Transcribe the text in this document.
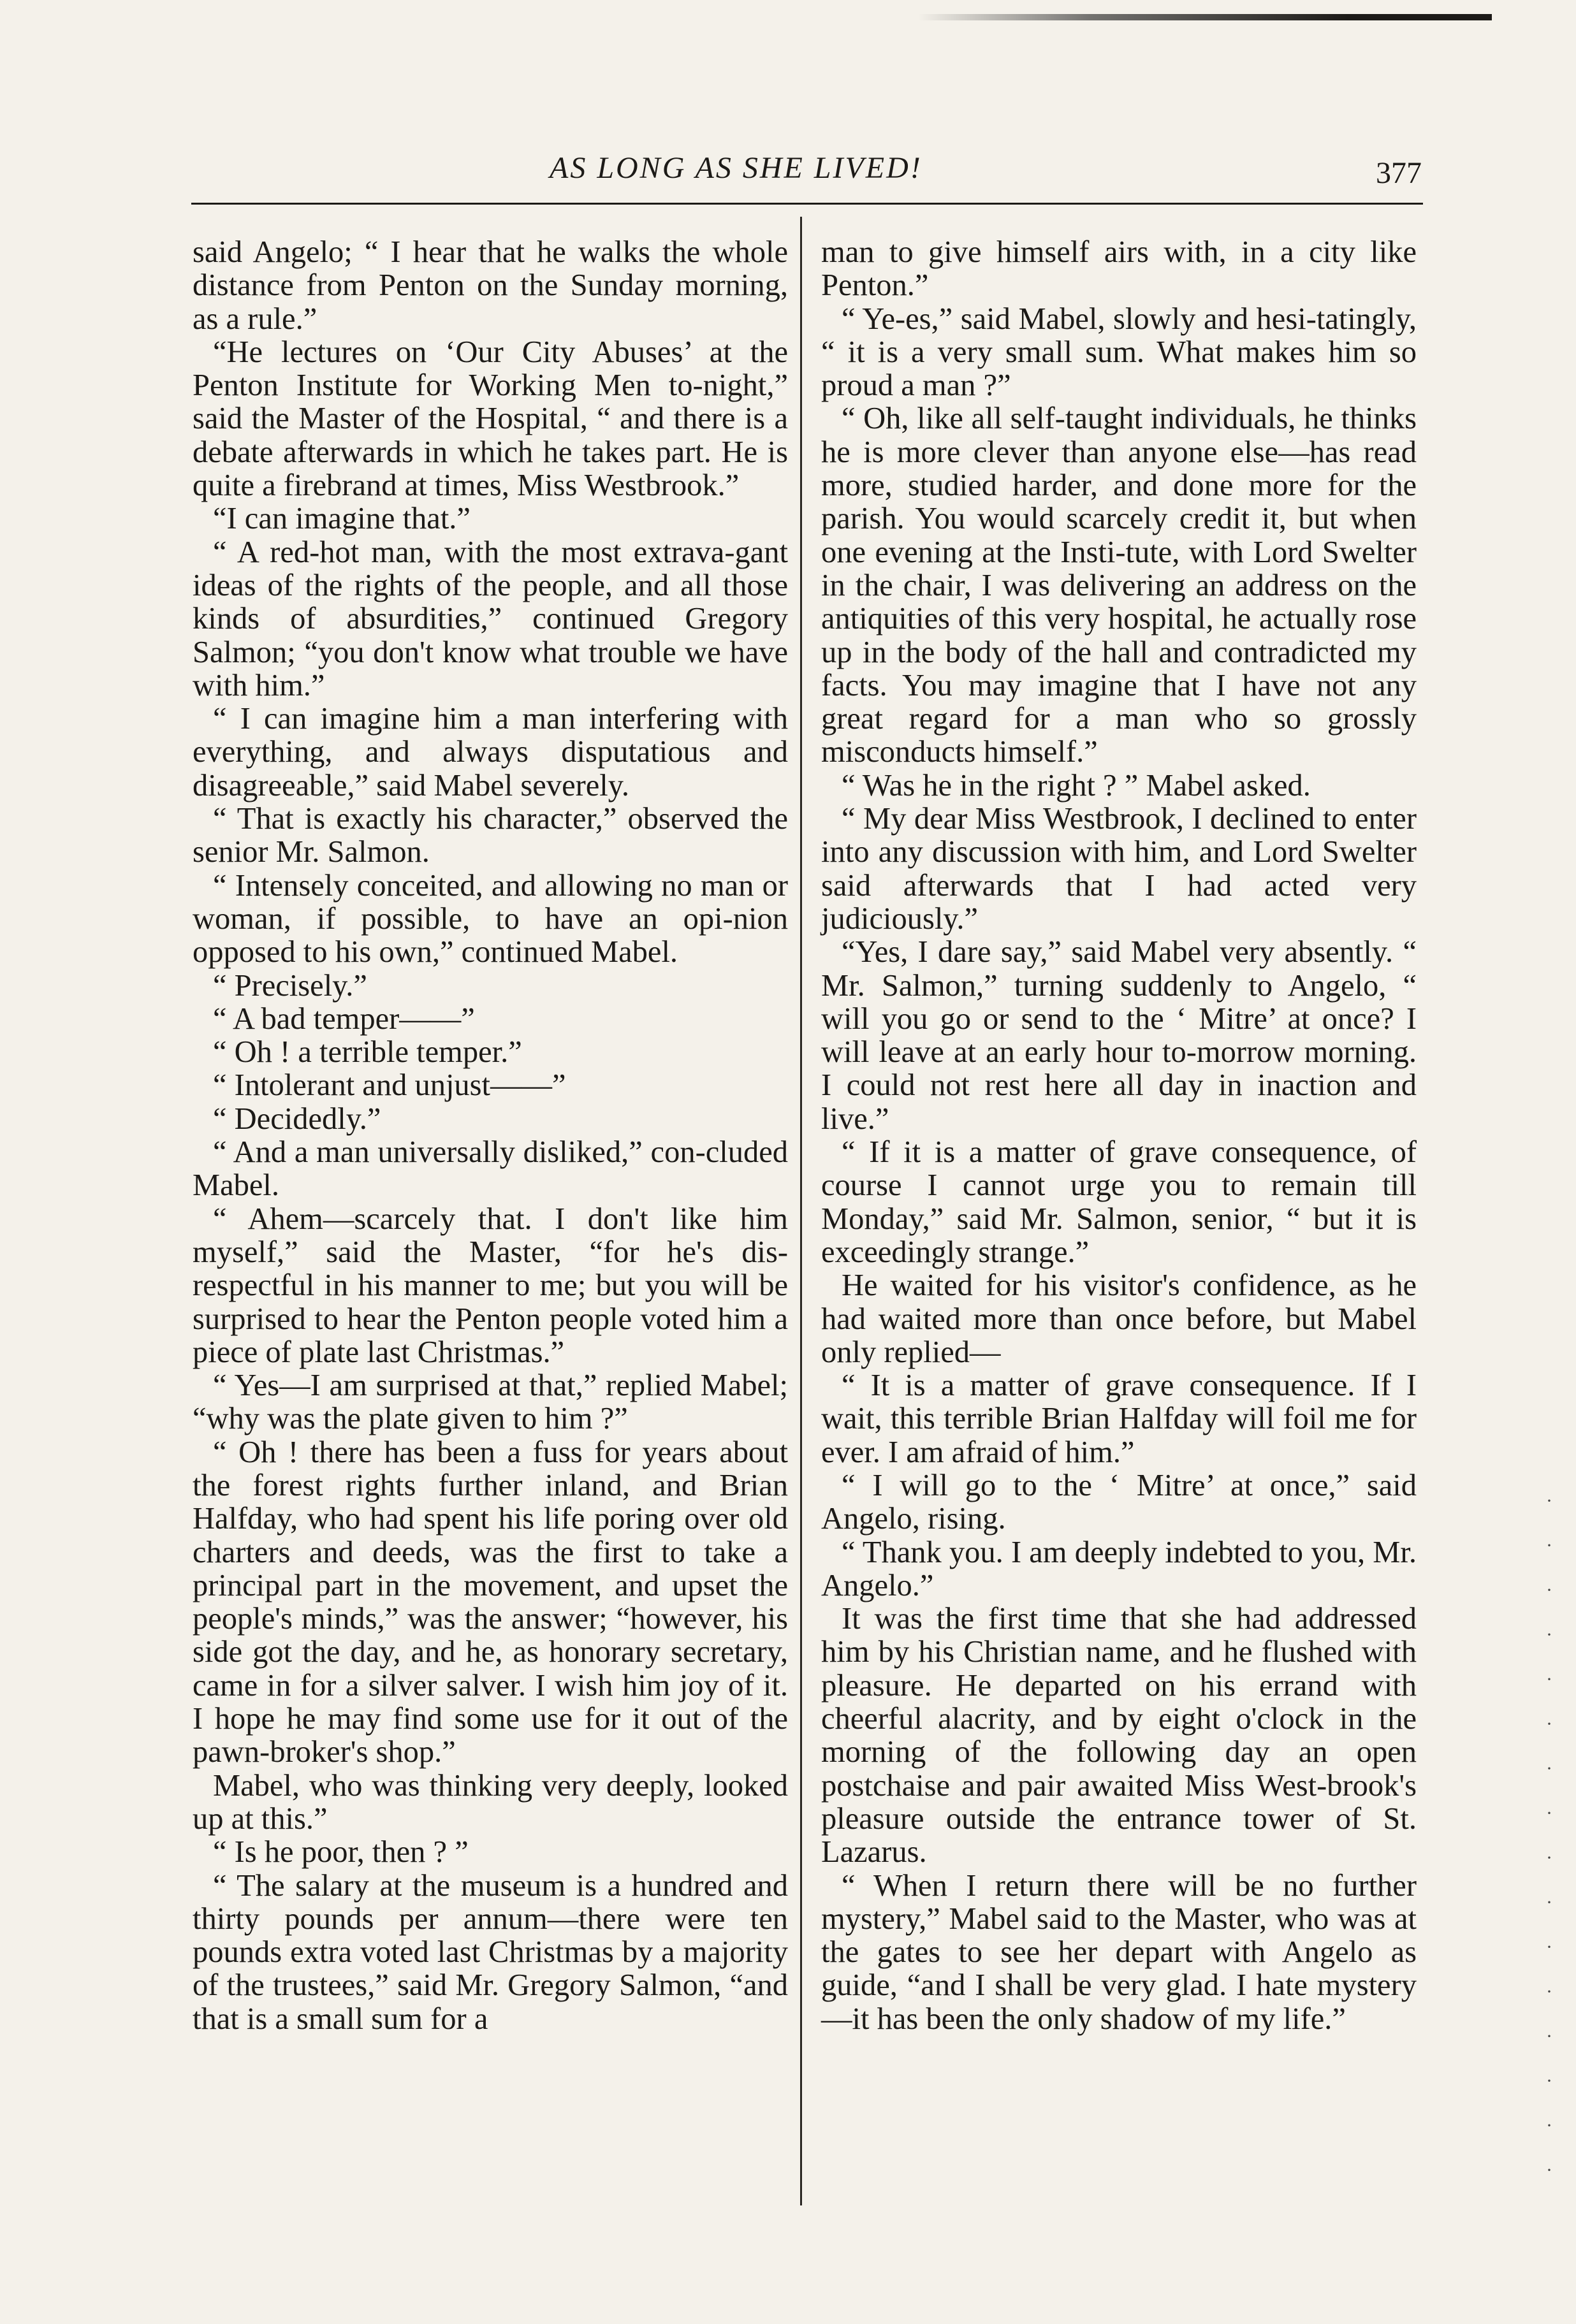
AS LONG AS SHE LIVED!	377

said Angelo; “ I hear that he walks the whole distance from Penton on the Sunday morning, as a rule.”

“He lectures on ‘Our City Abuses’ at the Penton Institute for Working Men to-night,” said the Master of the Hospital, “ and there is a debate afterwards in which he takes part. He is quite a firebrand at times, Miss Westbrook.”

“I can imagine that.”

“ A red-hot man, with the most extrava-gant ideas of the rights of the people, and all those kinds of absurdities,” continued Gregory Salmon; “you don't know what trouble we have with him.”

“ I can imagine him a man interfering with everything, and always disputatious and disagreeable,” said Mabel severely.

“ That is exactly his character,” observed the senior Mr. Salmon.

“ Intensely conceited, and allowing no man or woman, if possible, to have an opi-nion opposed to his own,” continued Mabel.

“ Precisely.”

“ A bad temper——”

“ Oh ! a terrible temper.”

“ Intolerant and unjust——”

“ Decidedly.”

“ And a man universally disliked,” con-cluded Mabel.

“ Ahem—scarcely that. I don't like him myself,” said the Master, “for he's dis-respectful in his manner to me; but you will be surprised to hear the Penton people voted him a piece of plate last Christmas.”

“ Yes—I am surprised at that,” replied Mabel; “why was the plate given to him ?”

“ Oh ! there has been a fuss for years about the forest rights further inland, and Brian Halfday, who had spent his life poring over old charters and deeds, was the first to take a principal part in the movement, and upset the people's minds,” was the answer; “however, his side got the day, and he, as honorary secretary, came in for a silver salver. I wish him joy of it. I hope he may find some use for it out of the pawn-broker's shop.”

Mabel, who was thinking very deeply, looked up at this.”

“ Is he poor, then ? ”

“ The salary at the museum is a hundred and thirty pounds per annum—there were ten pounds extra voted last Christmas by a majority of the trustees,” said Mr. Gregory Salmon, “and that is a small sum for a

man to give himself airs with, in a city like Penton.”

“ Ye-es,” said Mabel, slowly and hesi-tatingly, “ it is a very small sum. What makes him so proud a man ?”

“ Oh, like all self-taught individuals, he thinks he is more clever than anyone else—has read more, studied harder, and done more for the parish. You would scarcely credit it, but when one evening at the Insti-tute, with Lord Swelter in the chair, I was delivering an address on the antiquities of this very hospital, he actually rose up in the body of the hall and contradicted my facts. You may imagine that I have not any great regard for a man who so grossly misconducts himself.”

“ Was he in the right ? ” Mabel asked.

“ My dear Miss Westbrook, I declined to enter into any discussion with him, and Lord Swelter said afterwards that I had acted very judiciously.”

“Yes, I dare say,” said Mabel very absently. “ Mr. Salmon,” turning suddenly to Angelo, “ will you go or send to the ‘ Mitre’ at once? I will leave at an early hour to-morrow morning. I could not rest here all day in inaction and live.”

“ If it is a matter of grave consequence, of course I cannot urge you to remain till Monday,” said Mr. Salmon, senior, “ but it is exceedingly strange.”

He waited for his visitor's confidence, as he had waited more than once before, but Mabel only replied—

“ It is a matter of grave consequence. If I wait, this terrible Brian Halfday will foil me for ever. I am afraid of him.”

“ I will go to the ‘ Mitre’ at once,” said Angelo, rising.

“ Thank you. I am deeply indebted to you, Mr. Angelo.”

It was the first time that she had addressed him by his Christian name, and he flushed with pleasure. He departed on his errand with cheerful alacrity, and by eight o'clock in the morning of the following day an open postchaise and pair awaited Miss West-brook's pleasure outside the entrance tower of St. Lazarus.

“ When I return there will be no further mystery,” Mabel said to the Master, who was at the gates to see her depart with Angelo as guide, “and I shall be very glad. I hate mystery—it has been the only shadow of my life.”

·
·
·
·
·
·
·
·
·
·
·
·
·
·
·
·
